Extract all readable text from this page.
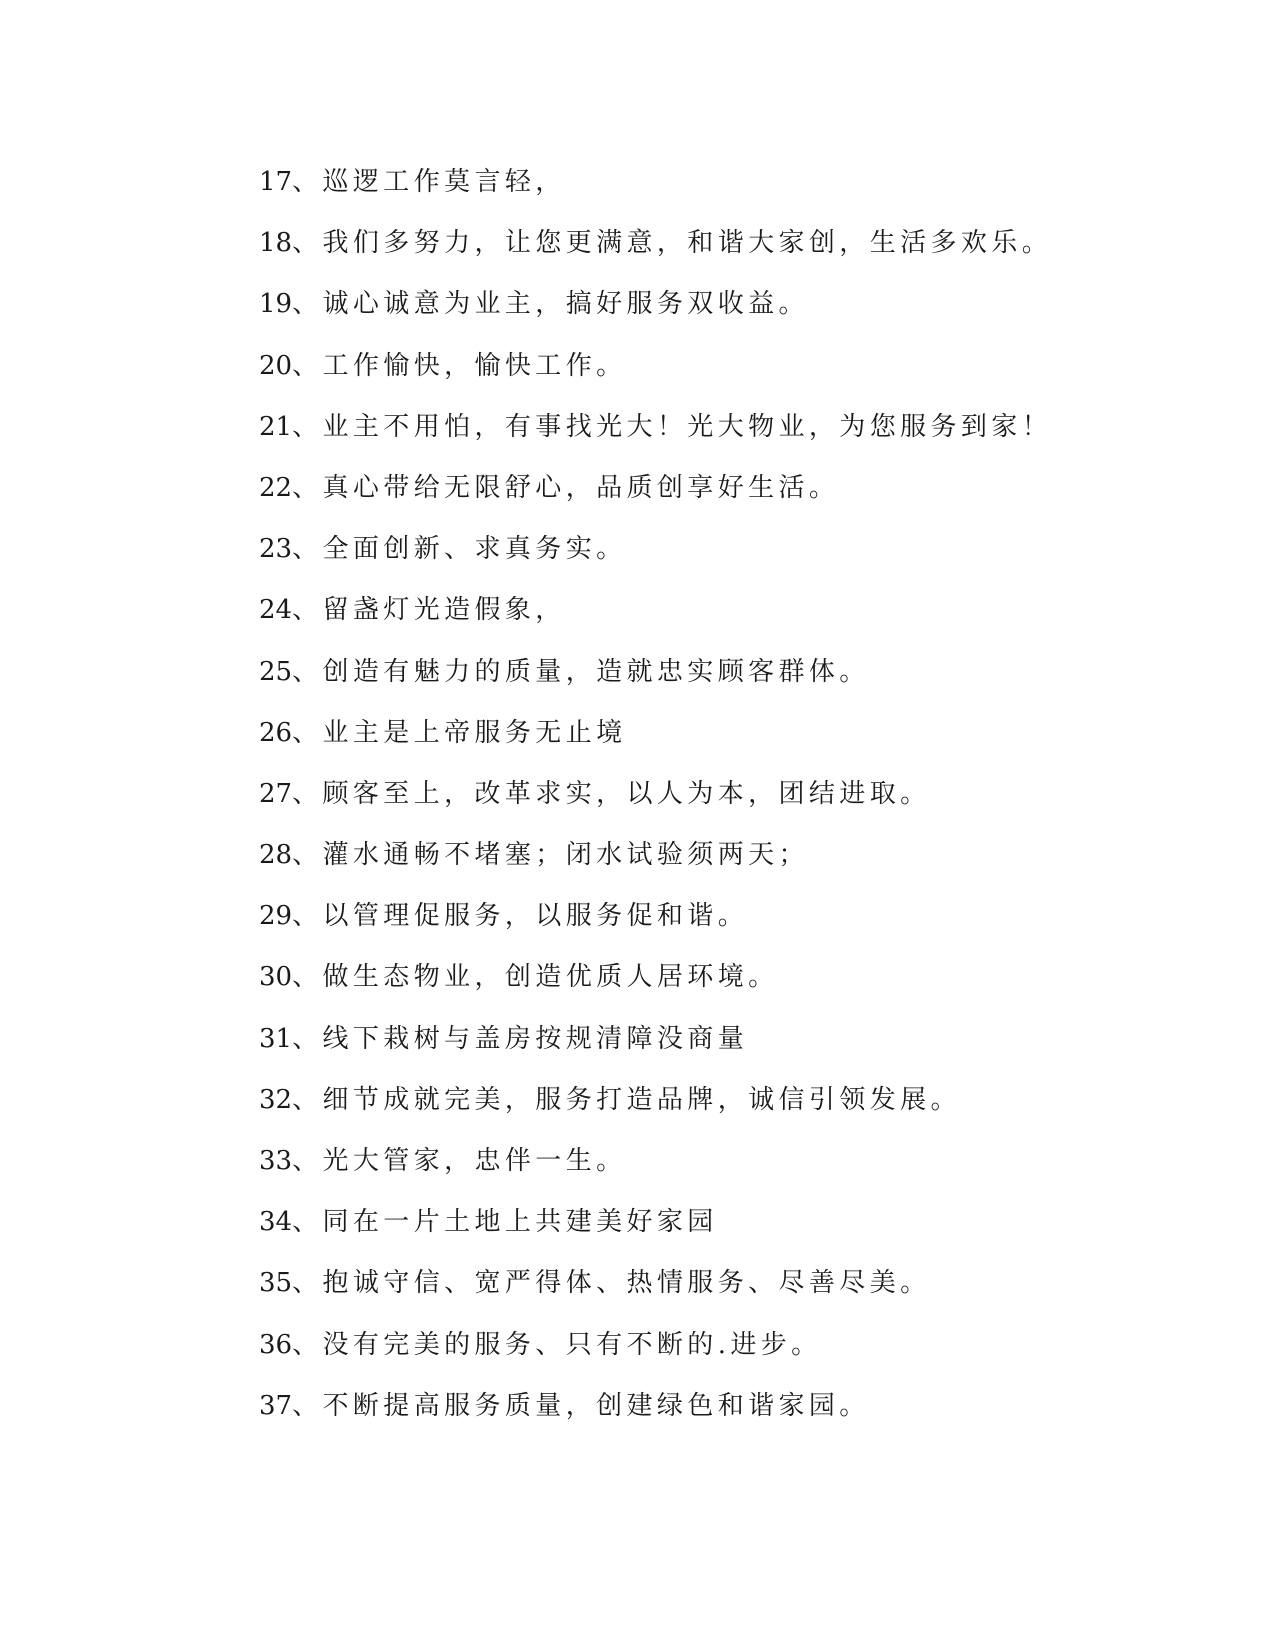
17、巡逻工作莫言轻，
18、我们多努力，让您更满意，和谐大家创，生活多欢乐。
19、诚心诚意为业主，搞好服务双收益。
20、工作愉快，愉快工作。
21、业主不用怕，有事找光大！光大物业，为您服务到家！
22、真心带给无限舒心，品质创享好生活。
23、全面创新、求真务实。
24、留盏灯光造假象，
25、创造有魅力的质量，造就忠实顾客群体。
26、业主是上帝服务无止境
27、顾客至上，改革求实，以人为本，团结进取。
28、灌水通畅不堵塞；闭水试验须两天；
29、以管理促服务，以服务促和谐。
30、做生态物业，创造优质人居环境。
31、线下栽树与盖房按规清障没商量
32、细节成就完美，服务打造品牌，诚信引领发展。
33、光大管家，忠伴一生。
34、同在一片土地上共建美好家园
35、抱诚守信、宽严得体、热情服务、尽善尽美。
36、没有完美的服务、只有不断的.进步。
37、不断提高服务质量，创建绿色和谐家园。
